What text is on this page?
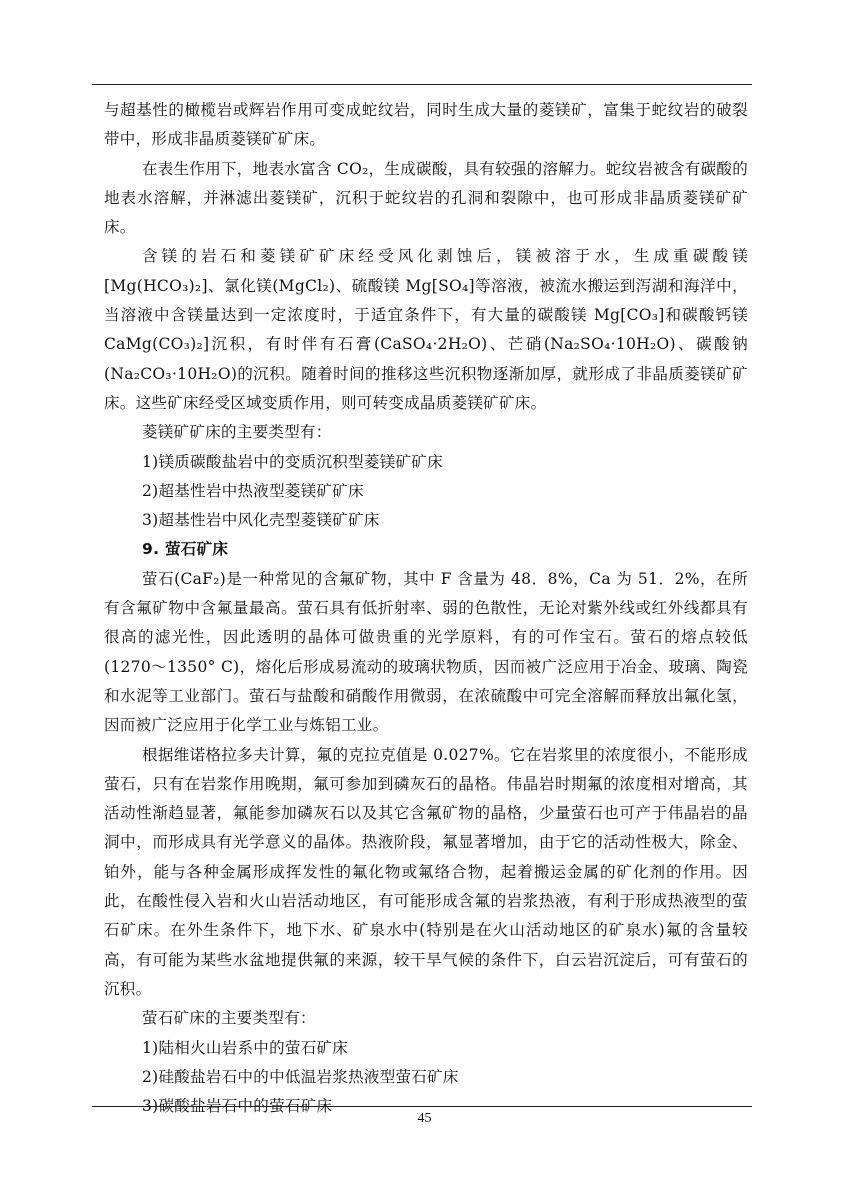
与超基性的橄榄岩或辉岩作用可变成蛇纹岩，同时生成大量的菱镁矿，富集于蛇纹岩的破裂带中，形成非晶质菱镁矿矿床。

在表生作用下，地表水富含 CO₂，生成碳酸，具有较强的溶解力。蛇纹岩被含有碳酸的地表水溶解，并淋滤出菱镁矿，沉积于蛇纹岩的孔洞和裂隙中，也可形成非晶质菱镁矿矿床。

含镁的岩石和菱镁矿矿床经受风化剥蚀后，镁被溶于水，生成重碳酸镁[Mg(HCO₃)₂]、氯化镁(MgCl₂)、硫酸镁 Mg[SO₄]等溶液，被流水搬运到泻湖和海洋中，当溶液中含镁量达到一定浓度时，于适宜条件下，有大量的碳酸镁 Mg[CO₃]和碳酸钙镁 CaMg(CO₃)₂]沉积，有时伴有石膏(CaSO₄·2H₂O)、芒硝(Na₂SO₄·10H₂O)、碳酸钠(Na₂CO₃·10H₂O)的沉积。随着时间的推移这些沉积物逐渐加厚，就形成了非晶质菱镁矿矿床。这些矿床经受区域变质作用，则可转变成晶质菱镁矿矿床。

菱镁矿矿床的主要类型有：

1)镁质碳酸盐岩中的变质沉积型菱镁矿矿床

2)超基性岩中热液型菱镁矿矿床

3)超基性岩中风化壳型菱镁矿矿床

9. 萤石矿床

萤石(CaF₂)是一种常见的含氟矿物，其中 F 含量为 48．8%，Ca 为 51．2%，在所有含氟矿物中含氟量最高。萤石具有低折射率、弱的色散性，无论对紫外线或红外线都具有很高的滤光性，因此透明的晶体可做贵重的光学原料，有的可作宝石。萤石的熔点较低(1270～1350° C)，熔化后形成易流动的玻璃状物质，因而被广泛应用于冶金、玻璃、陶瓷和水泥等工业部门。萤石与盐酸和硝酸作用微弱，在浓硫酸中可完全溶解而释放出氟化氢，因而被广泛应用于化学工业与炼铝工业。

根据维诺格拉多夫计算，氟的克拉克值是 0.027%。它在岩浆里的浓度很小，不能形成萤石，只有在岩浆作用晚期，氟可参加到磷灰石的晶格。伟晶岩时期氟的浓度相对增高，其活动性渐趋显著，氟能参加磷灰石以及其它含氟矿物的晶格，少量萤石也可产于伟晶岩的晶洞中，而形成具有光学意义的晶体。热液阶段，氟显著增加，由于它的活动性极大，除金、铂外，能与各种金属形成挥发性的氟化物或氟络合物，起着搬运金属的矿化剂的作用。因此，在酸性侵入岩和火山岩活动地区，有可能形成含氟的岩浆热液，有利于形成热液型的萤石矿床。在外生条件下，地下水、矿泉水中(特别是在火山活动地区的矿泉水)氟的含量较高，有可能为某些水盆地提供氟的来源，较干旱气候的条件下，白云岩沉淀后，可有萤石的沉积。

萤石矿床的主要类型有：

1)陆相火山岩系中的萤石矿床

2)硅酸盐岩石中的中低温岩浆热液型萤石矿床

3)碳酸盐岩石中的萤石矿床

45
